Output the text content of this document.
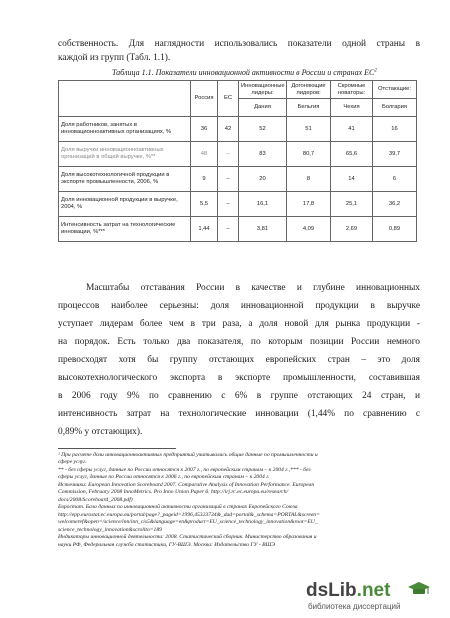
собственность. Для наглядности использовались показатели одной страны в
каждой из групп (Табл. 1.1).
Таблица 1.1. Показатели инновационной активности в России и странах $ЕС^2$
	Россия	ЕС	Инновационные лидеры:	Догоняющие лидеров:	Скромные новаторы:	Отстающие:
			Дания	Бельгия	Чехия	Болгария
Доля работников, занятых в инновационноактивных организациях, %	36	42	52	51	41	16
Доля выручки инновационноактивных организаций в общей выручке, %**	48	–	83	80,7	65,6	39,7
Доля высокотехнологичной продукции в экспорте промышленности, 2006, %	9	–	20	8	14	6
Доля инновационной продукции в выручке, 2004, %	5,5	–	16,1	17,8	25,1	36,2
Интенсивность затрат на технологические инновации, %***	1,44	–	3,81	4,09	2,69	0,89
Масштабы отставания России в качестве и глубине инновационных
процессов наиболее серьезны: доля инновационной продукции в выручке
уступает лидерам более чем в три раза, а доля новой для рынка продукции -
на порядок. Есть только два показателя, по которым позиции России немного
превосходят хотя бы группу отстающих европейских стран – это доля
высокотехнологического экспорта в экспорте промышленности, составившая
в 2006 году 9% по сравнению с 6% в группе отстающих 24 стран, и
интенсивность затрат на технологические инновации (1,44% по сравнению с
0,89% у отстающих).
² При расчете доли инновационноактивных предприятий учитывались общие данные по промышленности и
сфере услуг.
** - без сферы услуг, данные по России относятся к 2007 г., по европейским странам – к 2004 г.,*** - без
сферы услуг, данные по России относятся к 2006 г., по европейским странам – к 2004 г.
Источники: European Innovation Scoreboard 2007. Comparative Analysis of Innovation Performance. European
Commission, February 2008 InnoMetrics. Pro Inno Union Paper 6. http://irj.rc.ec.europa.eu/research/
docs/2008/Scoreboard_2008.pdf)
Евростат. База данных по инновационной активности организаций в странах Европейского Союза
http://epp.eurostat.ec.europa.eu/portal/page?_pageid=1996,45323734&_dad=portal&_schema=PORTAL&screen=
welcomeref&open=/science/inn/inn_cis5&language=en&product=EU_science_technology_innovation&root=EU_
science_technology_innovation&scrollto=189
Индикаторы инновационной деятельности: 2008. Статистический сборник. Министерство образования и
науки РФ, Федеральная служба статистики, ГУ-ВШЭ. Москва: Издательство ГУ - ВШЭ
dsLib.net
библиотека диссертаций
